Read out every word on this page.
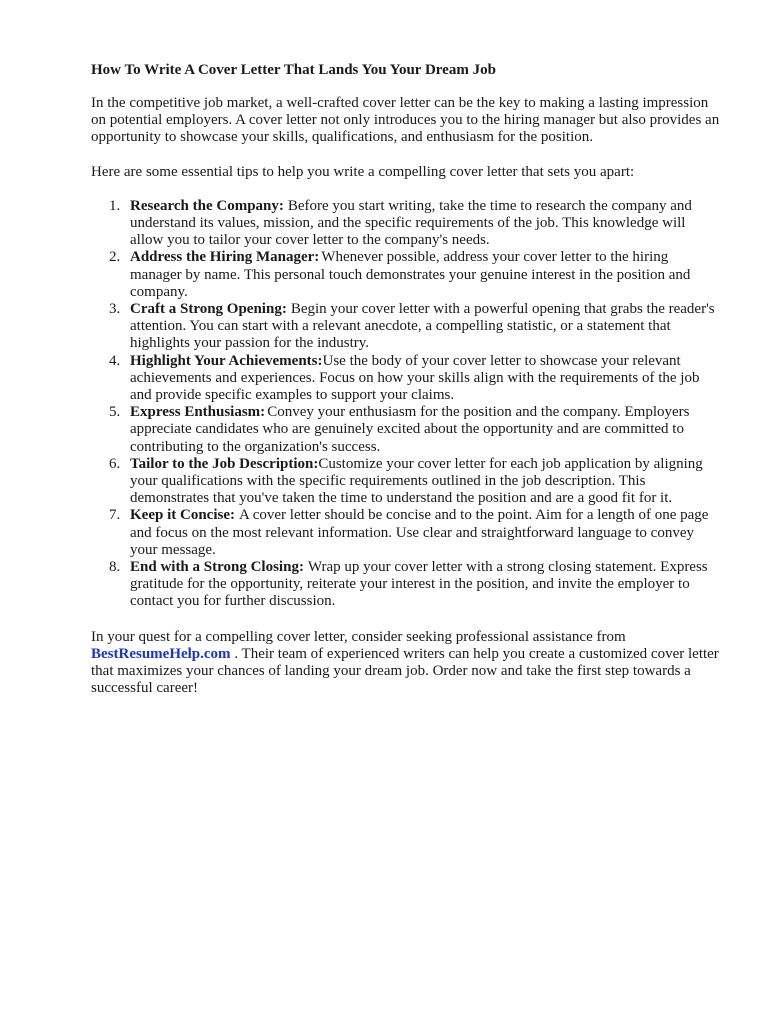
How To Write A Cover Letter That Lands You Your Dream Job

In the competitive job market, a well-crafted cover letter can be the key to making a lasting impression on potential employers. A cover letter not only introduces you to the hiring manager but also provides an opportunity to showcase your skills, qualifications, and enthusiasm for the position.

Here are some essential tips to help you write a compelling cover letter that sets you apart:

1. Research the Company: Before you start writing, take the time to research the company and understand its values, mission, and the specific requirements of the job. This knowledge will allow you to tailor your cover letter to the company's needs.
2. Address the Hiring Manager: Whenever possible, address your cover letter to the hiring manager by name. This personal touch demonstrates your genuine interest in the position and company.
3. Craft a Strong Opening: Begin your cover letter with a powerful opening that grabs the reader's attention. You can start with a relevant anecdote, a compelling statistic, or a statement that highlights your passion for the industry.
4. Highlight Your Achievements:Use the body of your cover letter to showcase your relevant achievements and experiences. Focus on how your skills align with the requirements of the job and provide specific examples to support your claims.
5. Express Enthusiasm: Convey your enthusiasm for the position and the company. Employers appreciate candidates who are genuinely excited about the opportunity and are committed to contributing to the organization's success.
6. Tailor to the Job Description:Customize your cover letter for each job application by aligning your qualifications with the specific requirements outlined in the job description. This demonstrates that you've taken the time to understand the position and are a good fit for it.
7. Keep it Concise: A cover letter should be concise and to the point. Aim for a length of one page and focus on the most relevant information. Use clear and straightforward language to convey your message.
8. End with a Strong Closing: Wrap up your cover letter with a strong closing statement. Express gratitude for the opportunity, reiterate your interest in the position, and invite the employer to contact you for further discussion.

In your quest for a compelling cover letter, consider seeking professional assistance from BestResumeHelp.com . Their team of experienced writers can help you create a customized cover letter that maximizes your chances of landing your dream job. Order now and take the first step towards a successful career!
